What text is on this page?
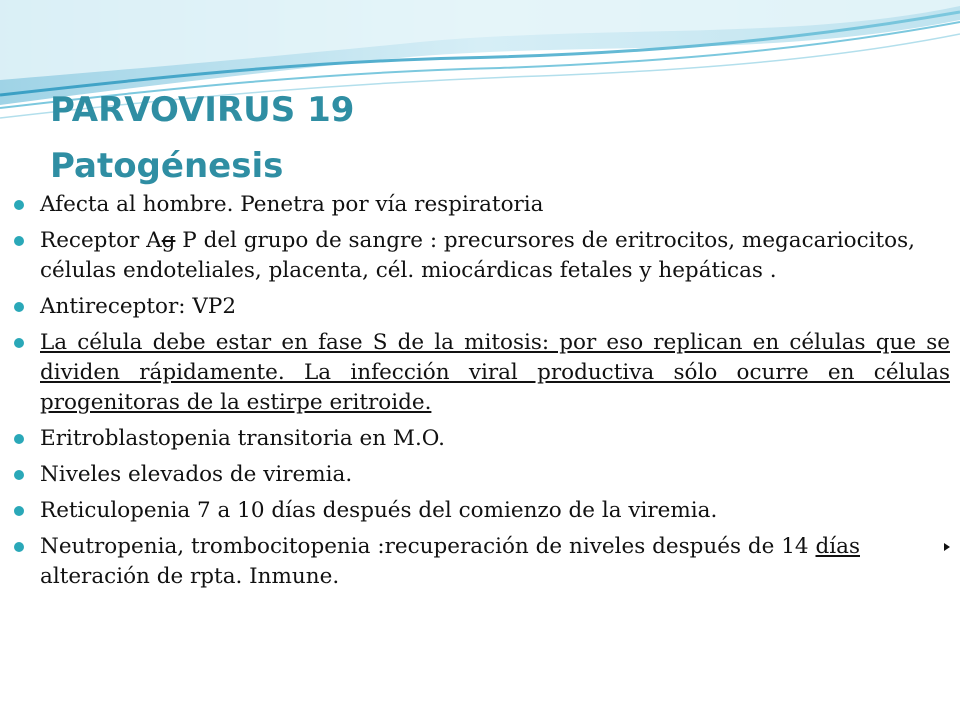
PARVOVIRUS 19
Patogénesis
Afecta al hombre. Penetra por vía respiratoria
Receptor Ag P del grupo de sangre : precursores de eritrocitos, megacariocitos, células endoteliales, placenta, cél. miocárdicas fetales y hepáticas .
Antireceptor: VP2
La célula debe estar en fase S de la mitosis: por eso replican en células que se dividen rápidamente. La infección viral productiva sólo ocurre en células progenitoras de la estirpe eritroide.
Eritroblastopenia transitoria en M.O.
Niveles elevados de viremia.
Reticulopenia 7 a 10 días después del comienzo de la viremia.
Neutropenia, trombocitopenia :recuperación de niveles después de 14 días alteración de rpta. Inmune.
